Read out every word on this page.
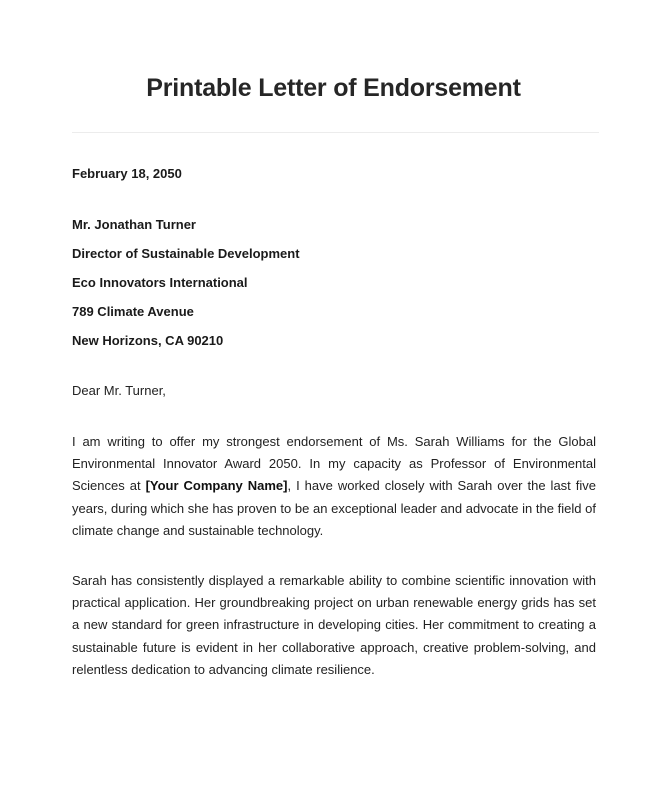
Printable Letter of Endorsement
February 18, 2050
Mr. Jonathan Turner
Director of Sustainable Development
Eco Innovators International
789 Climate Avenue
New Horizons, CA 90210
Dear Mr. Turner,
I am writing to offer my strongest endorsement of Ms. Sarah Williams for the Global Environmental Innovator Award 2050. In my capacity as Professor of Environmental Sciences at [Your Company Name], I have worked closely with Sarah over the last five years, during which she has proven to be an exceptional leader and advocate in the field of climate change and sustainable technology.
Sarah has consistently displayed a remarkable ability to combine scientific innovation with practical application. Her groundbreaking project on urban renewable energy grids has set a new standard for green infrastructure in developing cities. Her commitment to creating a sustainable future is evident in her collaborative approach, creative problem-solving, and relentless dedication to advancing climate resilience.
